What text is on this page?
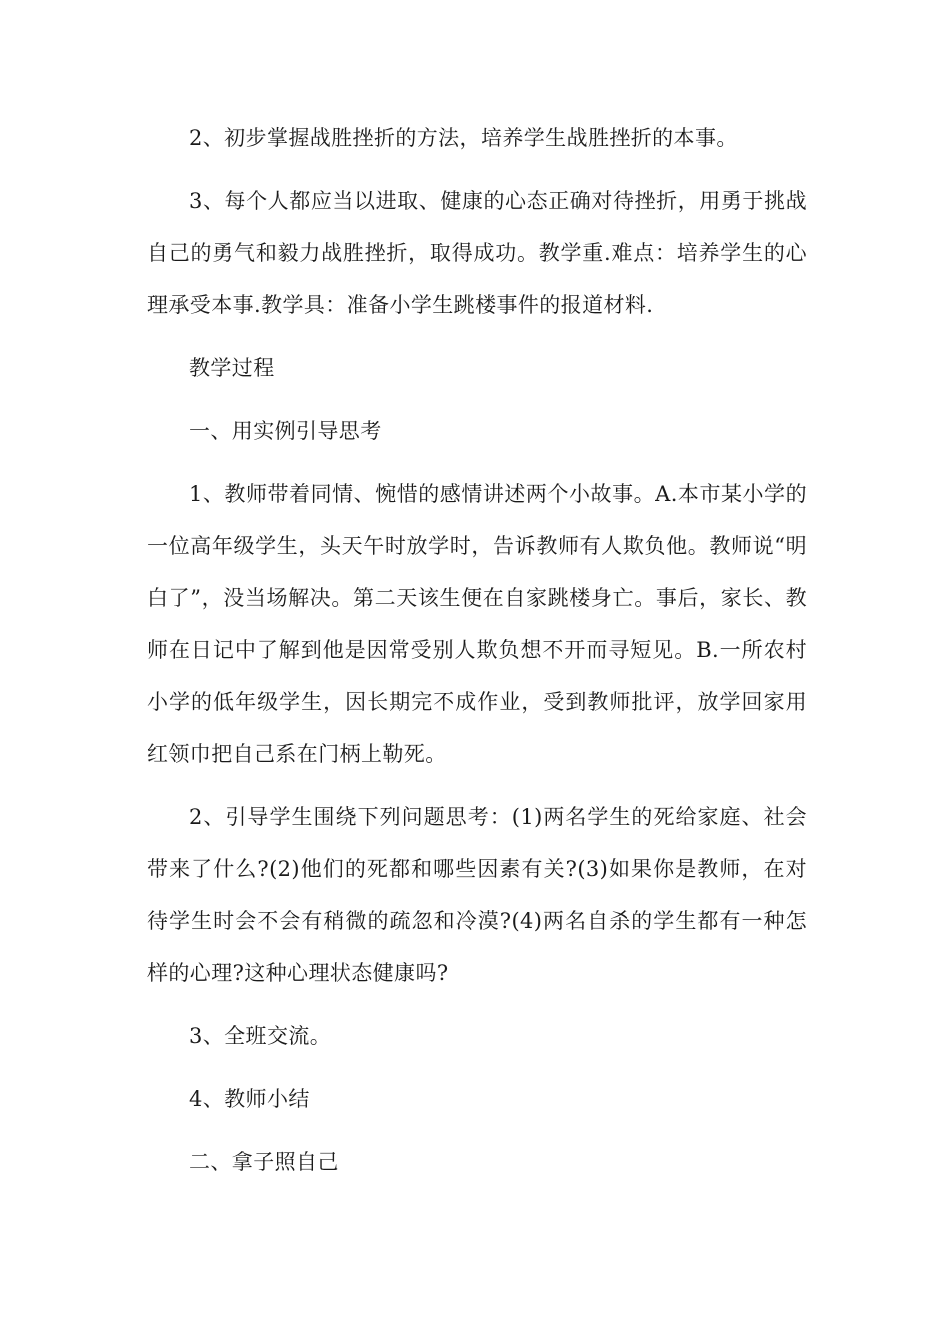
2、初步掌握战胜挫折的方法，培养学生战胜挫折的本事。

3、每个人都应当以进取、健康的心态正确对待挫折，用勇于挑战自己的勇气和毅力战胜挫折，取得成功。教学重.难点：培养学生的心理承受本事.教学具：准备小学生跳楼事件的报道材料.

教学过程

一、用实例引导思考

1、教师带着同情、惋惜的感情讲述两个小故事。A.本市某小学的一位高年级学生，头天午时放学时，告诉教师有人欺负他。教师说“明白了”，没当场解决。第二天该生便在自家跳楼身亡。事后，家长、教师在日记中了解到他是因常受别人欺负想不开而寻短见。B.一所农村小学的低年级学生，因长期完不成作业，受到教师批评，放学回家用红领巾把自己系在门柄上勒死。

2、引导学生围绕下列问题思考：(1)两名学生的死给家庭、社会带来了什么?(2)他们的死都和哪些因素有关?(3)如果你是教师，在对待学生时会不会有稍微的疏忽和冷漠?(4)两名自杀的学生都有一种怎样的心理?这种心理状态健康吗?

3、全班交流。

4、教师小结

二、拿子照自己
